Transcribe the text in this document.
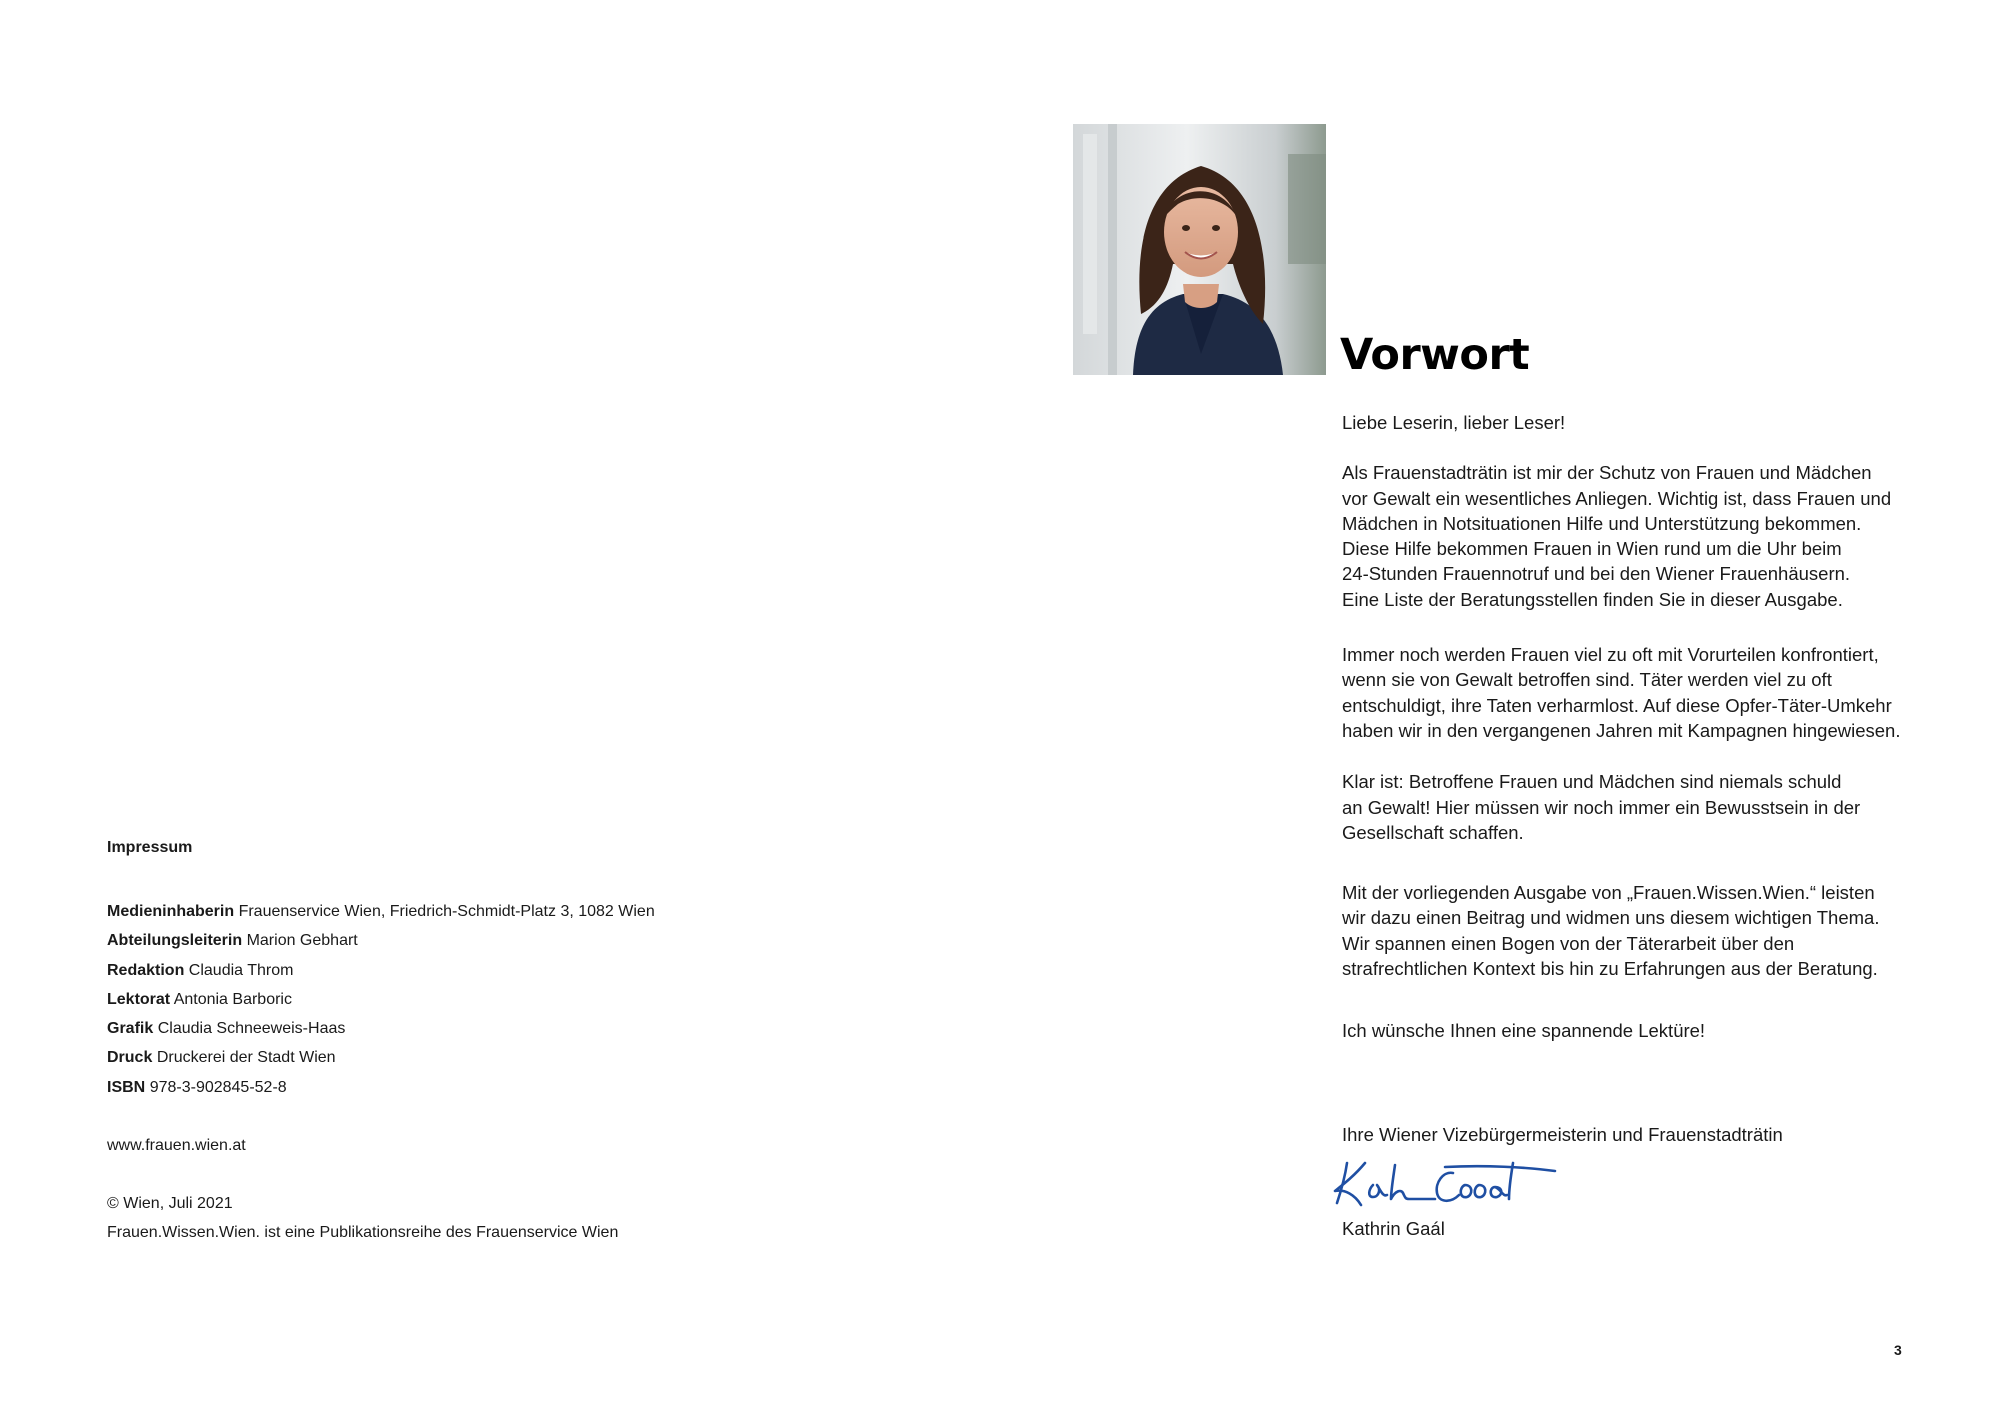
Impressum
Medieninhaberin Frauenservice Wien, Friedrich-Schmidt-Platz 3, 1082 Wien
Abteilungsleiterin Marion Gebhart
Redaktion Claudia Throm
Lektorat Antonia Barboric
Grafik Claudia Schneeweis-Haas
Druck Druckerei der Stadt Wien
ISBN 978-3-902845-52-8
www.frauen.wien.at
© Wien, Juli 2021
Frauen.Wissen.Wien. ist eine Publikationsreihe des Frauenservice Wien
Vorwort

Liebe Leserin, lieber Leser!

Als Frauenstadträtin ist mir der Schutz von Frauen und Mädchen
vor Gewalt ein wesentliches Anliegen. Wichtig ist, dass Frauen und
Mädchen in Notsituationen Hilfe und Unterstützung bekommen.
Diese Hilfe bekommen Frauen in Wien rund um die Uhr beim
24-Stunden Frauennotruf und bei den Wiener Frauenhäusern.
Eine Liste der Beratungsstellen finden Sie in dieser Ausgabe.

Immer noch werden Frauen viel zu oft mit Vorurteilen konfrontiert,
wenn sie von Gewalt betroffen sind. Täter werden viel zu oft
entschuldigt, ihre Taten verharmlost. Auf diese Opfer-Täter-Umkehr
haben wir in den vergangenen Jahren mit Kampagnen hingewiesen.

Klar ist: Betroffene Frauen und Mädchen sind niemals schuld
an Gewalt! Hier müssen wir noch immer ein Bewusstsein in der
Gesellschaft schaffen.

Mit der vorliegenden Ausgabe von „Frauen.Wissen.Wien.“ leisten
wir dazu einen Beitrag und widmen uns diesem wichtigen Thema.
Wir spannen einen Bogen von der Täterarbeit über den
strafrechtlichen Kontext bis hin zu Erfahrungen aus der Beratung.

Ich wünsche Ihnen eine spannende Lektüre!

Ihre Wiener Vizebürgermeisterin und Frauenstadträtin

Kathrin Gaál
3
